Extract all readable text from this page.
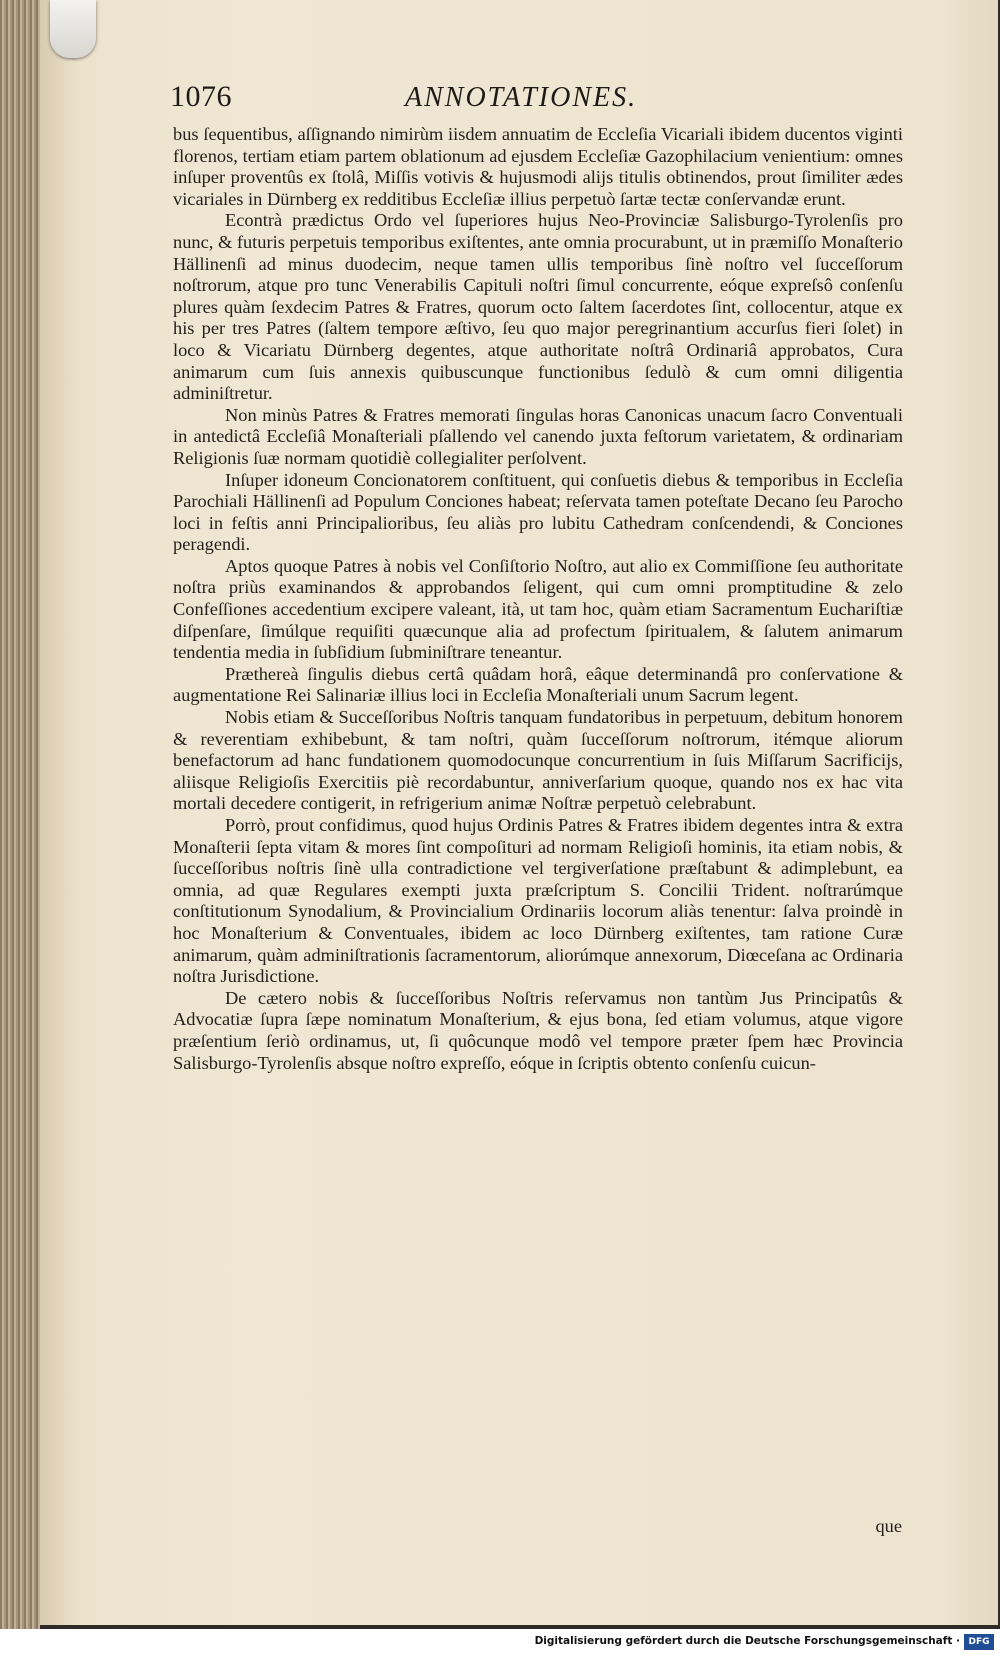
1076	ANNOTATIONES.

bus ſequentibus, aſſignando nimirùm iisdem annuatim de Eccleſia Vicariali ibidem ducentos viginti florenos, tertiam etiam partem oblationum ad ejusdem Eccleſiæ Gazophilacium venientium: omnes inſuper proventûs ex ſtolâ, Miſſis votivis & hujusmodi alijs titulis obtinendos, prout ſimiliter ædes vicariales in Dürnberg ex redditibus Eccleſiæ illius perpetuò ſartæ tectæ conſervandæ erunt.

Econtrà prædictus Ordo vel ſuperiores hujus Neo-Provinciæ Salisburgo-Tyrolenſis pro nunc, & futuris perpetuis temporibus exiſtentes, ante omnia procurabunt, ut in præmiſſo Monaſterio Hällinenſi ad minus duodecim, neque tamen ullis temporibus ſinè noſtro vel ſucceſſorum noſtrorum, atque pro tunc Venerabilis Capituli noſtri ſimul concurrente, eóque expreſsô conſenſu plures quàm ſexdecim Patres & Fratres, quorum octo ſaltem ſacerdotes ſint, collocentur, atque ex his per tres Patres (ſaltem tempore æſtivo, ſeu quo major peregrinantium accurſus fieri ſolet) in loco & Vicariatu Dürnberg degentes, atque authoritate noſtrâ Ordinariâ approbatos, Cura animarum cum ſuis annexis quibuscunque functionibus ſedulò & cum omni diligentia adminiſtretur.

Non minùs Patres & Fratres memorati ſingulas horas Canonicas unacum ſacro Conventuali in antedictâ Eccleſiâ Monaſteriali pſallendo vel canendo juxta feſtorum varietatem, & ordinariam Religionis ſuæ normam quotidiè collegialiter perſolvent.

Inſuper idoneum Concionatorem conſtituent, qui conſuetis diebus & temporibus in Eccleſia Parochiali Hällinenſi ad Populum Conciones habeat; reſervata tamen poteſtate Decano ſeu Parocho loci in feſtis anni Principalioribus, ſeu aliàs pro lubitu Cathedram conſcendendi, & Conciones peragendi.

Aptos quoque Patres à nobis vel Conſiſtorio Noſtro, aut alio ex Commiſſione ſeu authoritate noſtra priùs examinandos & approbandos ſeligent, qui cum omni promptitudine & zelo Confeſſiones accedentium excipere valeant, ità, ut tam hoc, quàm etiam Sacramentum Euchariſtiæ diſpenſare, ſimúlque requiſiti quæcunque alia ad profectum ſpiritualem, & ſalutem animarum tendentia media in ſubſidium ſubminiſtrare teneantur.

Præthereà ſingulis diebus certâ quâdam horâ, eâque determinandâ pro conſervatione & augmentatione Rei Salinariæ illius loci in Eccleſia Monaſteriali unum Sacrum legent.

Nobis etiam & Succeſſoribus Noſtris tanquam fundatoribus in perpetuum, debitum honorem & reverentiam exhibebunt, & tam noſtri, quàm ſucceſſorum noſtrorum, itémque aliorum benefactorum ad hanc fundationem quomodocunque concurrentium in ſuis Miſſarum Sacrificijs, aliisque Religioſis Exercitiis piè recordabuntur, anniverſarium quoque, quando nos ex hac vita mortali decedere contigerit, in refrigerium animæ Noſtræ perpetuò celebrabunt.

Porrò, prout confidimus, quod hujus Ordinis Patres & Fratres ibidem degentes intra & extra Monaſterii ſepta vitam & mores ſint compoſituri ad normam Religioſi hominis, ita etiam nobis, & ſucceſſoribus noſtris ſinè ulla contradictione vel tergiverſatione præſtabunt & adimplebunt, ea omnia, ad quæ Regulares exempti juxta præſcriptum S. Concilii Trident. noſtrarúmque conſtitutionum Synodalium, & Provincialium Ordinariis locorum aliàs tenentur: ſalva proindè in hoc Monaſterium & Conventuales, ibidem ac loco Dürnberg exiſtentes, tam ratione Curæ animarum, quàm adminiſtrationis ſacramentorum, aliorúmque annexorum, Diœceſana ac Ordinaria noſtra Jurisdictione.

De cætero nobis & ſucceſſoribus Noſtris reſervamus non tantùm Jus Principatûs & Advocatiæ ſupra ſæpe nominatum Monaſterium, & ejus bona, ſed etiam volumus, atque vigore præſentium ſeriò ordinamus, ut, ſi quôcunque modô vel tempore præter ſpem hæc Provincia Salisburgo-Tyrolenſis absque noſtro expreſſo, eóque in ſcriptis obtento conſenſu cuicun-

que
Digitalisierung gefördert durch die Deutsche Forschungsgemeinschaft · DFG
